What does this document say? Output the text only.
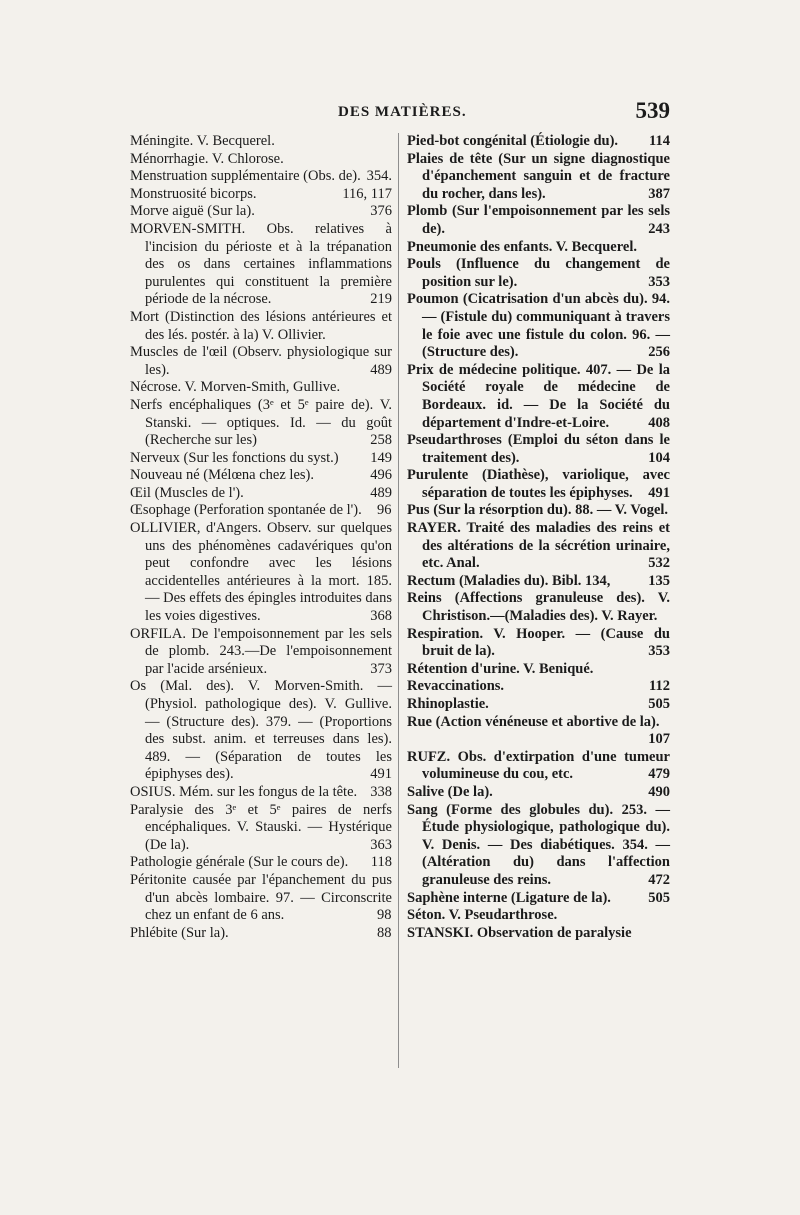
DES MATIÈRES.	539

Méningite. V. Becquerel.

Ménorrhagie. V. Chlorose.

Menstruation supplémentaire (Obs. de). 354.

Monstruosité bicorps.	116, 117

Morve aiguë (Sur la).	376

MORVEN-SMITH. Obs. relatives à l'incision du périoste et à la trépanation des os dans certaines inflammations purulentes qui constituent la première période de la nécrose.	219

Mort (Distinction des lésions antérieures et des lés. postér. à la) V. Ollivier.

Muscles de l'œil (Observ. physiologique sur les).	489

Nécrose. V. Morven-Smith, Gullive.

Nerfs encéphaliques (3ᵉ et 5ᵉ paire de). V. Stanski. — optiques. Id. — du goût (Recherche sur les)	258

Nerveux (Sur les fonctions du syst.) 149

Nouveau né (Mélœna chez les).	496

Œil (Muscles de l').	489

Œsophage (Perforation spontanée de l'). 96

OLLIVIER, d'Angers. Observ. sur quelques uns des phénomènes cadavériques qu'on peut confondre avec les lésions accidentelles antérieures à la mort. 185. — Des effets des épingles introduites dans les voies digestives.	368

ORFILA. De l'empoisonnement par les sels de plomb. 243.—De l'empoisonnement par l'acide arsénieux.	373

Os (Mal. des). V. Morven-Smith. — (Physiol. pathologique des). V. Gullive. — (Structure des). 379. — (Proportions des subst. anim. et terreuses dans les). 489. — (Séparation de toutes les épiphyses des).	491

OSIUS. Mém. sur les fongus de la tête. 338

Paralysie des 3ᵉ et 5ᵉ paires de nerfs encéphaliques. V. Stauski. — Hystérique (De la).	363

Pathologie générale (Sur le cours de). 118

Péritonite causée par l'épanchement du pus d'un abcès lombaire. 97. — Circonscrite chez un enfant de 6 ans.	98

Phlébite (Sur la).	88

Pied-bot congénital (Étiologie du). 114

Plaies de tête (Sur un signe diagnostique d'épanchement sanguin et de fracture du rocher, dans les).	387

Plomb (Sur l'empoisonnement par les sels de).	243

Pneumonie des enfants. V. Becquerel.

Pouls (Influence du changement de position sur le).	353

Poumon (Cicatrisation d'un abcès du). 94. — (Fistule du) communiquant à travers le foie avec une fistule du colon. 96. — (Structure des).	256

Prix de médecine politique. 407. — De la Société royale de médecine de Bordeaux. id. — De la Société du département d'Indre-et-Loire.	408

Pseudarthroses (Emploi du séton dans le traitement des).	104

Purulente (Diathèse), variolique, avec séparation de toutes les épiphyses. 491

Pus (Sur la résorption du). 88. — V. Vogel.

RAYER. Traité des maladies des reins et des altérations de la sécrétion urinaire, etc. Anal.	532

Rectum (Maladies du). Bibl. 134,	135

Reins (Affections granuleuse des). V. Christison.—(Maladies des). V. Rayer.

Respiration. V. Hooper. — (Cause du bruit de la).	353

Rétention d'urine. V. Beniqué.

Revaccinations.	112

Rhinoplastie.	505

Rue (Action vénéneuse et abortive de la).
107

RUFZ. Obs. d'extirpation d'une tumeur volumineuse du cou, etc.	479

Salive (De la).	490

Sang (Forme des globules du). 253. — Étude physiologique, pathologique du). V. Denis. — Des diabétiques. 354. — (Altération du) dans l'affection granuleuse des reins.	472

Saphène interne (Ligature de la).	505

Séton. V. Pseudarthrose.

STANSKI. Observation de paralysie
